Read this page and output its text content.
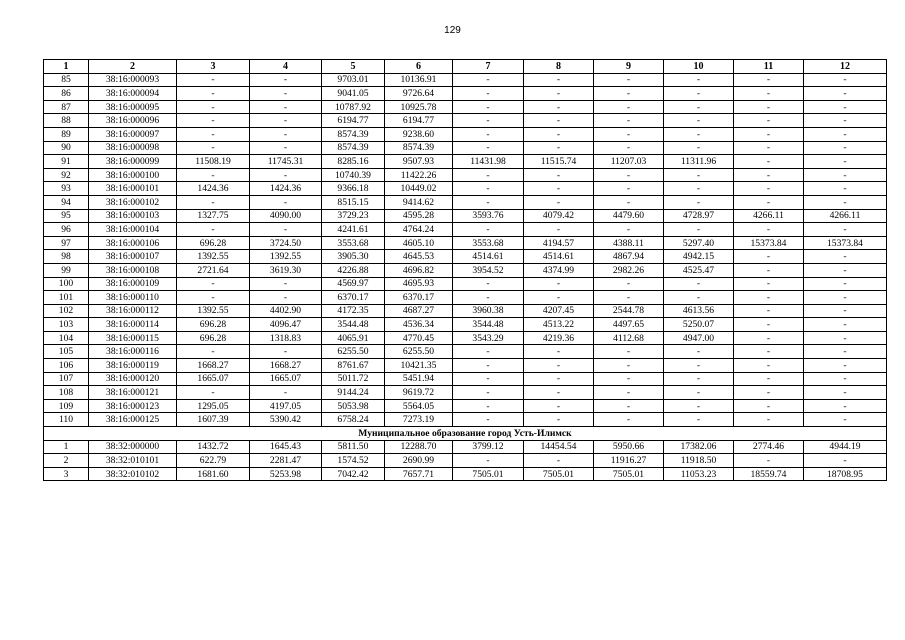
129
1	2	3	4	5	6	7	8	9	10	11	12
85	38:16:000093	-	-	9703.01	10136.91	-	-	-	-	-	-
86	38:16:000094	-	-	9041.05	9726.64	-	-	-	-	-	-
87	38:16:000095	-	-	10787.92	10925.78	-	-	-	-	-	-
88	38:16:000096	-	-	6194.77	6194.77	-	-	-	-	-	-
89	38:16:000097	-	-	8574.39	9238.60	-	-	-	-	-	-
90	38:16:000098	-	-	8574.39	8574.39	-	-	-	-	-	-
91	38:16:000099	11508.19	11745.31	8285.16	9507.93	11431.98	11515.74	11207.03	11311.96	-	-
92	38:16:000100	-	-	10740.39	11422.26	-	-	-	-	-	-
93	38:16:000101	1424.36	1424.36	9366.18	10449.02	-	-	-	-	-	-
94	38:16:000102	-	-	8515.15	9414.62	-	-	-	-	-	-
95	38:16:000103	1327.75	4090.00	3729.23	4595.28	3593.76	4079.42	4479.60	4728.97	4266.11	4266.11
96	38:16:000104	-	-	4241.61	4764.24	-	-	-	-	-	-
97	38:16:000106	696.28	3724.50	3553.68	4605.10	3553.68	4194.57	4388.11	5297.40	15373.84	15373.84
98	38:16:000107	1392.55	1392.55	3905.30	4645.53	4514.61	4514.61	4867.94	4942.15	-	-
99	38:16:000108	2721.64	3619.30	4226.88	4696.82	3954.52	4374.99	2982.26	4525.47	-	-
100	38:16:000109	-	-	4569.97	4695.93	-	-	-	-	-	-
101	38:16:000110	-	-	6370.17	6370.17	-	-	-	-	-	-
102	38:16:000112	1392.55	4402.90	4172.35	4687.27	3960.38	4207.45	2544.78	4613.56	-	-
103	38:16:000114	696.28	4096.47	3544.48	4536.34	3544.48	4513.22	4497.65	5250.07	-	-
104	38:16:000115	696.28	1318.83	4065.91	4770.45	3543.29	4219.36	4112.68	4947.00	-	-
105	38:16:000116	-	-	6255.50	6255.50	-	-	-	-	-	-
106	38:16:000119	1668.27	1668.27	8761.67	10421.35	-	-	-	-	-	-
107	38:16:000120	1665.07	1665.07	5011.72	5451.94	-	-	-	-	-	-
108	38:16:000121	-	-	9144.24	9619.72	-	-	-	-	-	-
109	38:16:000123	1295.05	4197.05	5053.98	5564.05	-	-	-	-	-	-
110	38:16:000125	1607.39	5390.42	6758.24	7273.19	-	-	-	-	-	-
Муниципальное образование город Усть-Илимск											
1	38:32:000000	1432.72	1645.43	5811.50	12288.70	3799.12	14454.54	5950.66	17382.06	2774.46	4944.19
2	38:32:010101	622.79	2281.47	1574.52	2690.99	-	-	11916.27	11918.50	-	-
3	38:32:010102	1681.60	5253.98	7042.42	7657.71	7505.01	7505.01	7505.01	11053.23	18559.74	18708.95
